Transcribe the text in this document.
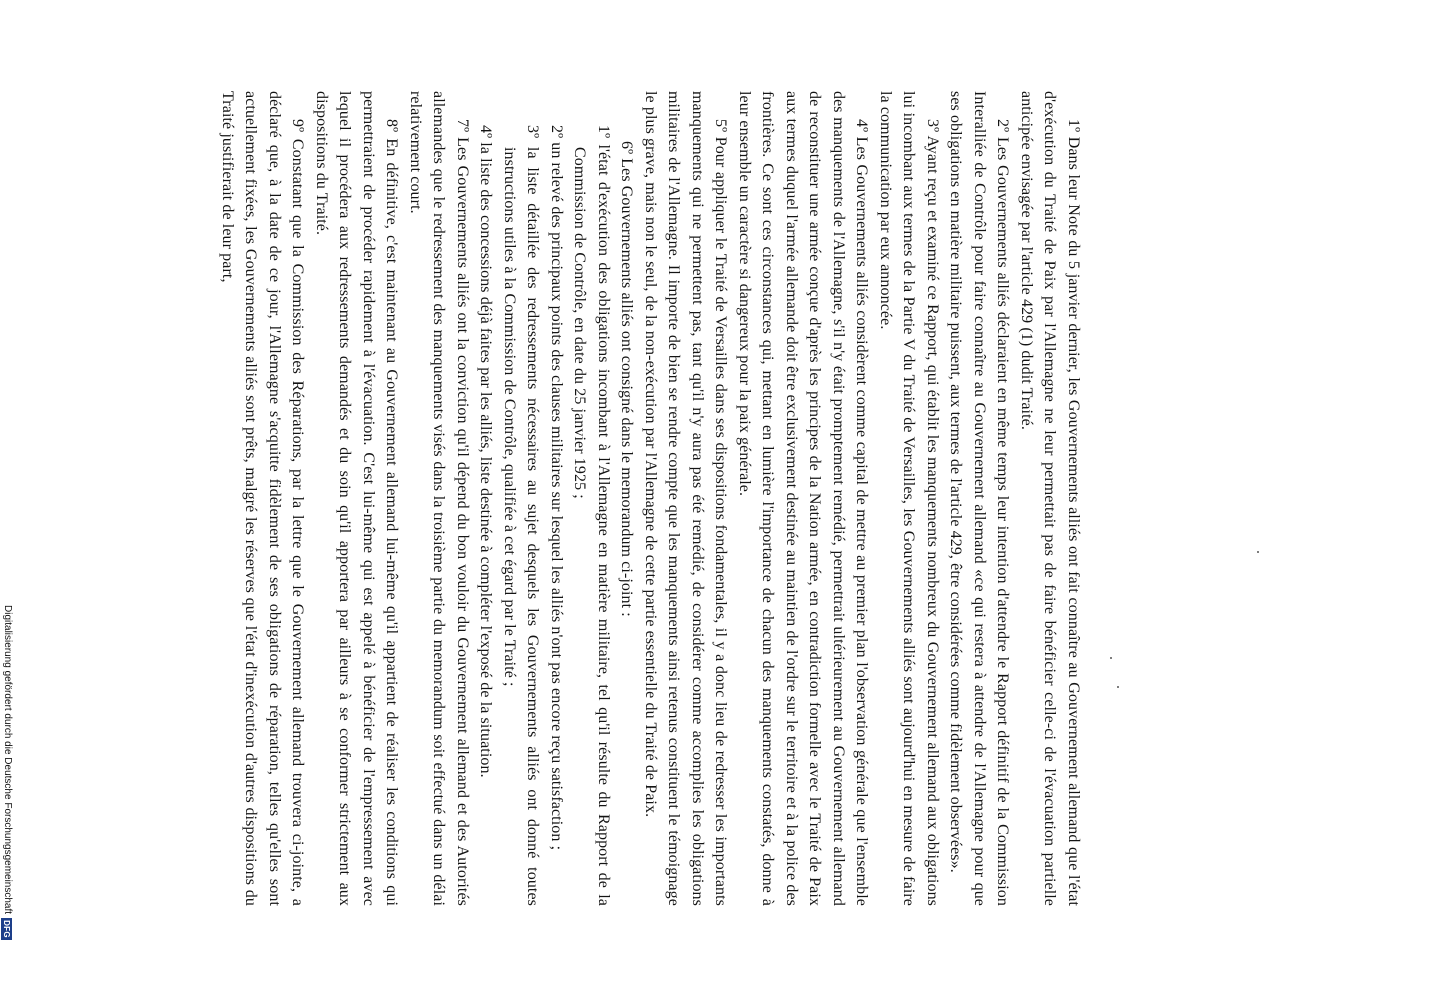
1º Dans leur Note du 5 janvier dernier, les Gouvernements alliés ont fait connaître au Gouvernement allemand que l'état d'exécution du Traité de Paix par l'Allemagne ne leur permettait pas de faire bénéficier celle-ci de l'évacuation partielle anticipée envisagée par l'article 429 (1) dudit Traité.

2º Les Gouvernements alliés déclaraient en même temps leur intention d'attendre le Rapport définitif de la Commission Interalliée de Contrôle pour faire connaître au Gouvernement allemand «ce qui restera à attendre de l'Allemagne pour que ses obligations en matière militaire puissent, aux termes de l'article 429, être considérées comme fidèlement observées».

3º Ayant reçu et examiné ce Rapport, qui établit les manquements nombreux du Gouvernement allemand aux obligations lui incombant aux termes de la Partie V du Traité de Versailles, les Gouvernements alliés sont aujourd'hui en mesure de faire la communication par eux annoncée.

4º Les Gouvernements alliés considèrent comme capital de mettre au premier plan l'observation générale que l'ensemble des manquements de l'Allemagne, s'il n'y était promptement remédié, permettrait ultérieurement au Gouvernement allemand de reconstituer une armée conçue d'après les principes de la Nation armée, en contradiction formelle avec le Traité de Paix aux termes duquel l'armée allemande doit être exclusivement destinée au maintien de l'ordre sur le territoire et à la police des frontières. Ce sont ces circonstances qui, mettant en lumière l'importance de chacun des manquements constatés, donne à leur ensemble un caractère si dangereux pour la paix générale.

5º Pour appliquer le Traité de Versailles dans ses dispositions fondamentales, il y a donc lieu de redresser les importants manquements qui ne permettent pas, tant qu'il n'y aura pas été remédié, de considérer comme accomplies les obligations militaires de l'Allemagne. Il importe de bien se rendre compte que les manquements ainsi retenus constituent le témoignage le plus grave, mais non le seul, de la non-exécution par l'Allemagne de cette partie essentielle du Traité de Paix.

6º Les Gouvernements alliés ont consigné dans le memorandum ci-joint :

1º l'état d'exécution des obligations incombant à l'Allemagne en matière militaire, tel qu'il résulte du Rapport de la Commission de Contrôle, en date du 25 janvier 1925 ;

2º un relevé des principaux points des clauses militaires sur lesquel les alliés n'ont pas encore reçu satisfaction ;

3º la liste détaillée des redressements nécessaires au sujet desquels les Gouvernements alliés ont donné toutes instructions utiles à la Commission de Contrôle, qualifiée à cet égard par le Traité ;

4º la liste des concessions déjà faites par les alliés, liste destinée à compléter l'exposé de la situation.

7º Les Gouvernements alliés ont la conviction qu'il dépend du bon vouloir du Gouvernement allemand et des Autorités allemandes que le redressement des manquements visés dans la troisième partie du memorandum soit effectué dans un délai relativement court.

8º En définitive, c'est maintenant au Gouvernement allemand lui-même qu'il appartient de réaliser les conditions qui permettraient de procéder rapidement à l'évacuation. C'est lui-même qui est appelé à bénéficier de l'empressement avec lequel il procédera aux redressements demandés et du soin qu'il apportera par ailleurs à se conformer strictement aux dispositions du Traité.

9º Constatant que la Commission des Réparations, par la lettre que le Gouvernement allemand trouvera ci-jointe, a déclaré que, à la date de ce jour, l'Allemagne s'acquitte fidèlement de ses obligations de réparation, telles qu'elles sont actuellement fixées, les Gouvernements alliés sont prêts, malgré les réserves que l'état d'inexécution d'autres dispositions du Traité justifierait de leur part,

Digitalisierung gefördert durch die Deutsche Forschungsgemeinschaft
DFG
